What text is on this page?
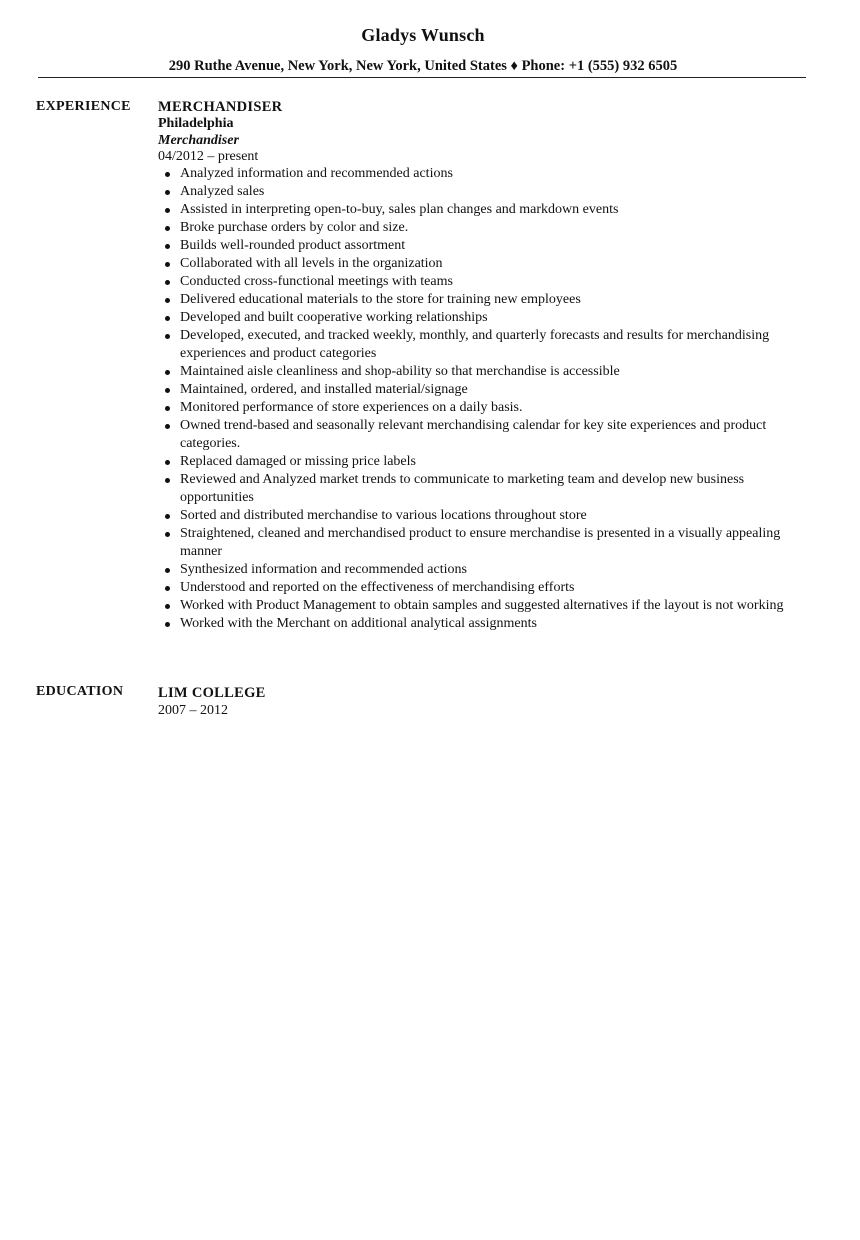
Gladys Wunsch
290 Ruthe Avenue, New York, New York, United States ♦ Phone: +1 (555) 932 6505
EXPERIENCE MERCHANDISER
Philadelphia
Merchandiser
04/2012 – present
Analyzed information and recommended actions
Analyzed sales
Assisted in interpreting open-to-buy, sales plan changes and markdown events
Broke purchase orders by color and size.
Builds well-rounded product assortment
Collaborated with all levels in the organization
Conducted cross-functional meetings with teams
Delivered educational materials to the store for training new employees
Developed and built cooperative working relationships
Developed, executed, and tracked weekly, monthly, and quarterly forecasts and results for merchandising experiences and product categories
Maintained aisle cleanliness and shop-ability so that merchandise is accessible
Maintained, ordered, and installed material/signage
Monitored performance of store experiences on a daily basis.
Owned trend-based and seasonally relevant merchandising calendar for key site experiences and product categories.
Replaced damaged or missing price labels
Reviewed and Analyzed market trends to communicate to marketing team and develop new business opportunities
Sorted and distributed merchandise to various locations throughout store
Straightened, cleaned and merchandised product to ensure merchandise is presented in a visually appealing manner
Synthesized information and recommended actions
Understood and reported on the effectiveness of merchandising efforts
Worked with Product Management to obtain samples and suggested alternatives if the layout is not working
Worked with the Merchant on additional analytical assignments
EDUCATION LIM COLLEGE
2007 – 2012
